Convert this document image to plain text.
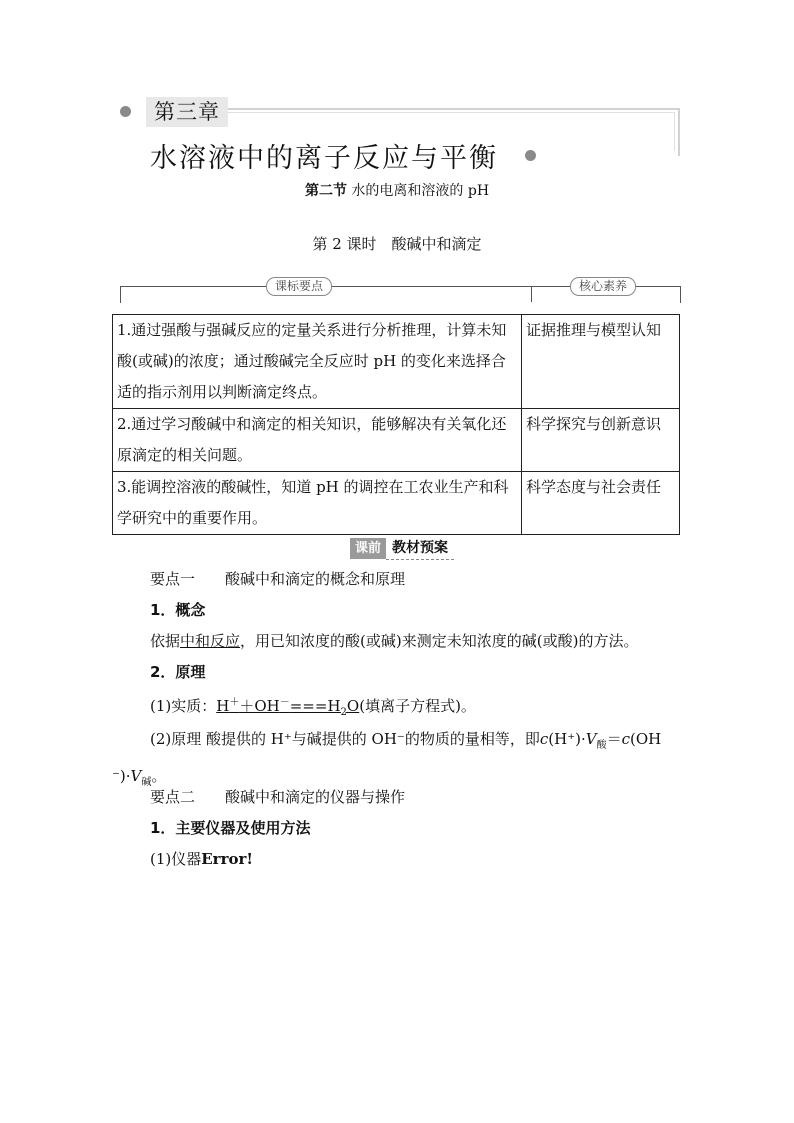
第三章
水溶液中的离子反应与平衡
第二节 水的电离和溶液的 pH
第 2 课时　酸碱中和滴定
课标要点	核心素养
1.通过强酸与强碱反应的定量关系进行分析推理，计算未知酸(或碱)的浓度；通过酸碱完全反应时 pH 的变化来选择合适的指示剂用以判断滴定终点。	证据推理与模型认知
2.通过学习酸碱中和滴定的相关知识，能够解决有关氧化还原滴定的相关问题。	科学探究与创新意识
3.能调控溶液的酸碱性，知道 pH 的调控在工农业生产和科学研究中的重要作用。	科学态度与社会责任
课前 教材预案
要点一　　酸碱中和滴定的概念和原理
1．概念
依据中和反应，用已知浓度的酸(或碱)来测定未知浓度的碱(或酸)的方法。
2．原理
(1)实质：$H^++OH^-===H_2O$(填离子方程式)。
(2)原理 酸提供的 H⁺与碱提供的 OH⁻的物质的量相等，即$c(H^+)\cdot V_酸=c(OH$
$^-)\cdot V_碱$。
要点二　　酸碱中和滴定的仪器与操作
1．主要仪器及使用方法
(1)仪器Error!
